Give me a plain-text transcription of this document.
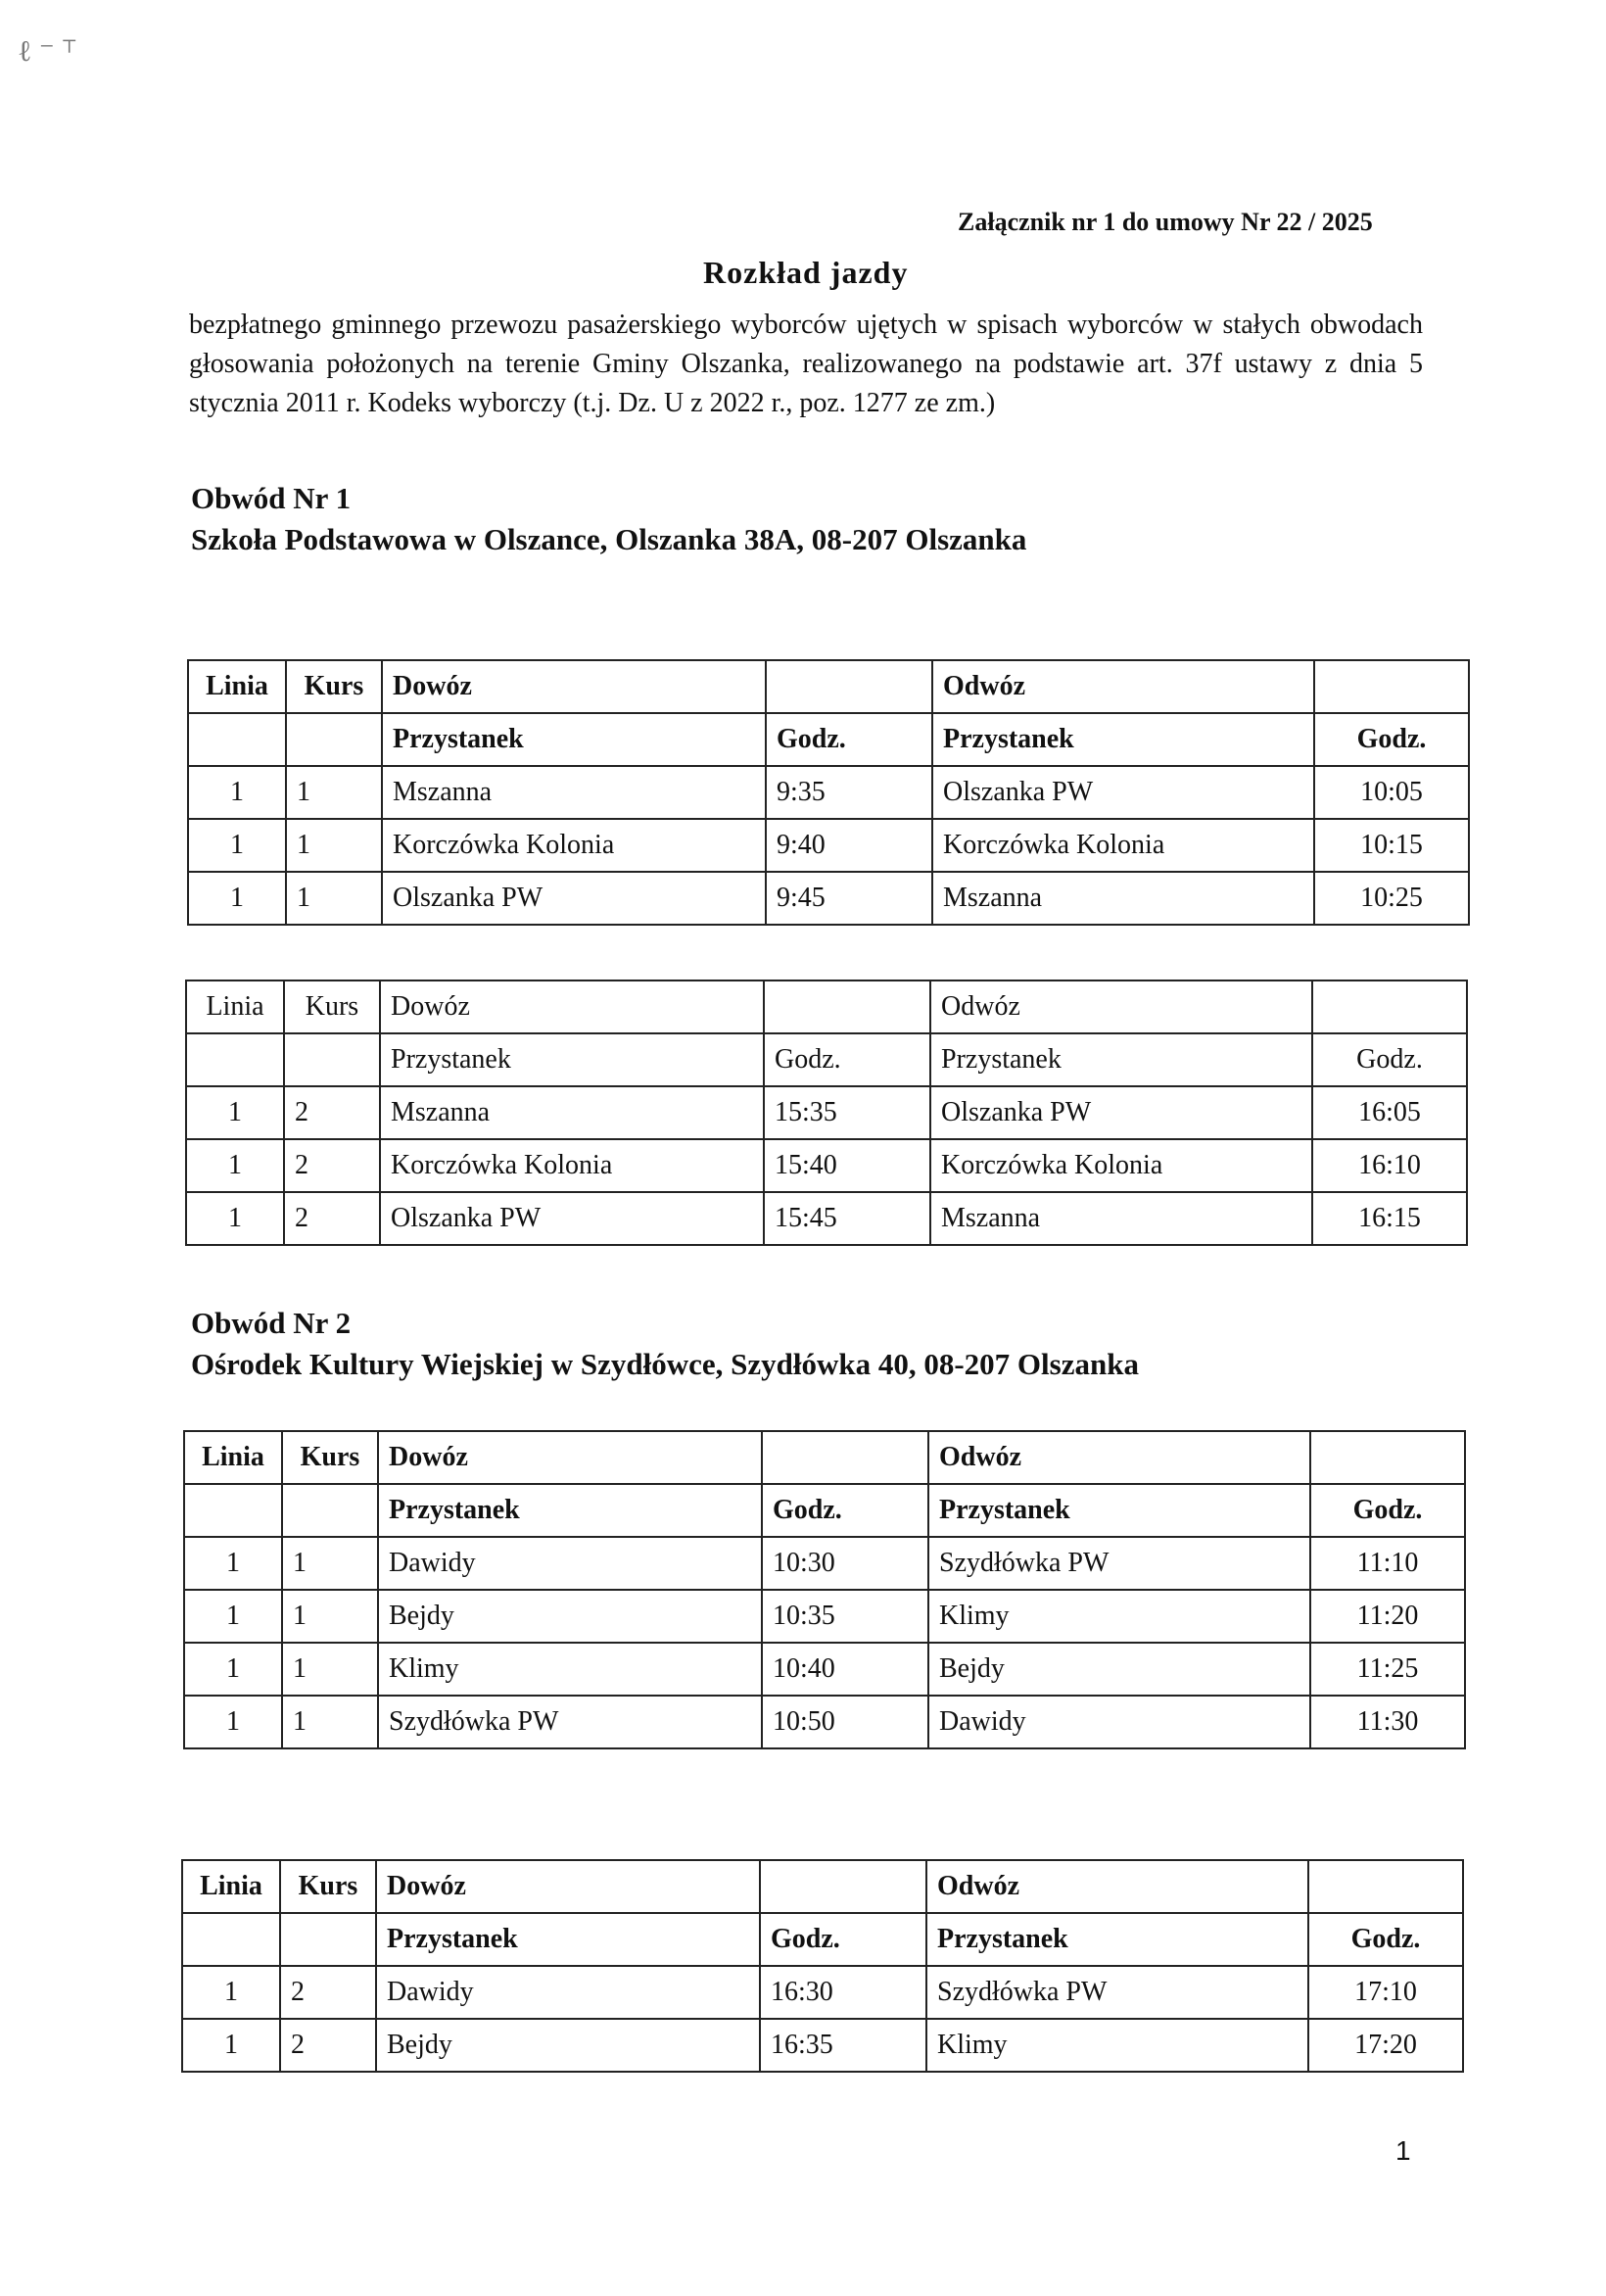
ℓ ⁻ ⸆
Załącznik nr 1 do umowy Nr 22 / 2025
Rozkład jazdy

bezpłatnego gminnego przewozu pasażerskiego wyborców ujętych w spisach wyborców w stałych obwodach głosowania położonych na terenie Gminy Olszanka, realizowanego na podstawie art. 37f ustawy z dnia 5 stycznia 2011 r. Kodeks wyborczy (t.j. Dz. U z 2022 r., poz. 1277 ze zm.)

Obwód Nr 1
Szkoła Podstawowa w Olszance, Olszanka 38A, 08-207 Olszanka
Linia	Kurs	Dowóz		Odwóz	
		Przystanek	Godz.	Przystanek	Godz.
1	1	Mszanna	9:35	Olszanka PW	10:05
1	1	Korczówka Kolonia	9:40	Korczówka Kolonia	10:15
1	1	Olszanka PW	9:45	Mszanna	10:25
Linia	Kurs	Dowóz		Odwóz	
		Przystanek	Godz.	Przystanek	Godz.
1	2	Mszanna	15:35	Olszanka PW	16:05
1	2	Korczówka Kolonia	15:40	Korczówka Kolonia	16:10
1	2	Olszanka PW	15:45	Mszanna	16:15
Obwód Nr 2
Ośrodek Kultury Wiejskiej w Szydłówce, Szydłówka 40, 08-207 Olszanka
Linia	Kurs	Dowóz		Odwóz	
		Przystanek	Godz.	Przystanek	Godz.
1	1	Dawidy	10:30	Szydłówka PW	11:10
1	1	Bejdy	10:35	Klimy	11:20
1	1	Klimy	10:40	Bejdy	11:25
1	1	Szydłówka PW	10:50	Dawidy	11:30
Linia	Kurs	Dowóz		Odwóz	
		Przystanek	Godz.	Przystanek	Godz.
1	2	Dawidy	16:30	Szydłówka PW	17:10
1	2	Bejdy	16:35	Klimy	17:20
1
